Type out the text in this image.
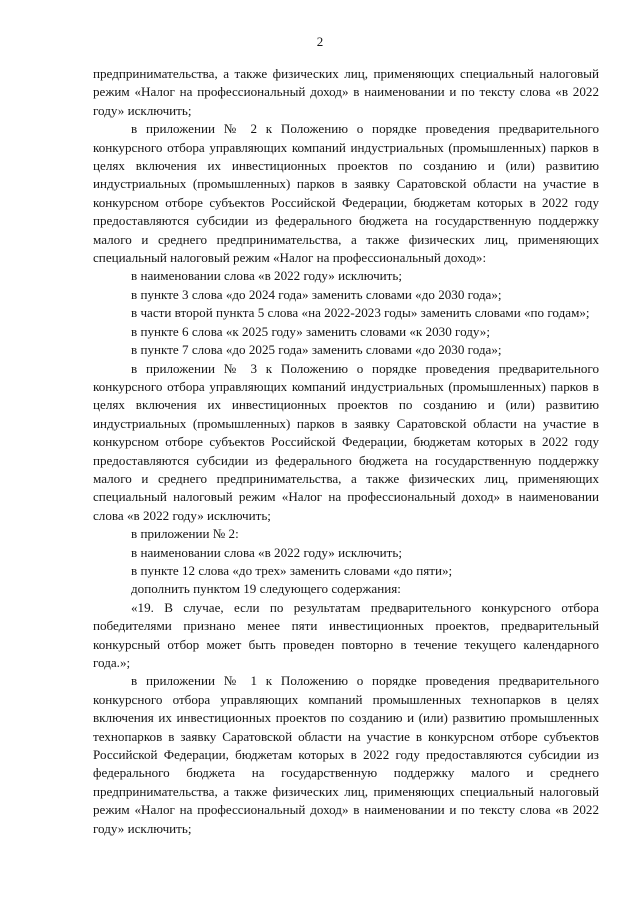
2

предпринимательства, а также физических лиц, применяющих специальный налоговый режим «Налог на профессиональный доход» в наименовании и по тексту слова «в 2022 году» исключить;

в приложении № 2 к Положению о порядке проведения предварительного конкурсного отбора управляющих компаний индустриальных (промышленных) парков в целях включения их инвестиционных проектов по созданию и (или) развитию индустриальных (промышленных) парков в заявку Саратовской области на участие в конкурсном отборе субъектов Российской Федерации, бюджетам которых в 2022 году предоставляются субсидии из федерального бюджета на государственную поддержку малого и среднего предпринимательства, а также физических лиц, применяющих специальный налоговый режим «Налог на профессиональный доход»:

в наименовании слова «в 2022 году» исключить;

в пункте 3 слова «до 2024 года» заменить словами «до 2030 года»;

в части второй пункта 5 слова «на 2022-2023 годы» заменить словами «по годам»;

в пункте 6 слова «к 2025 году» заменить словами «к 2030 году»;

в пункте 7 слова «до 2025 года» заменить словами «до 2030 года»;

в приложении № 3 к Положению о порядке проведения предварительного конкурсного отбора управляющих компаний индустриальных (промышленных) парков в целях включения их инвестиционных проектов по созданию и (или) развитию индустриальных (промышленных) парков в заявку Саратовской области на участие в конкурсном отборе субъектов Российской Федерации, бюджетам которых в 2022 году предоставляются субсидии из федерального бюджета на государственную поддержку малого и среднего предпринимательства, а также физических лиц, применяющих специальный налоговый режим «Налог на профессиональный доход» в наименовании слова «в 2022 году» исключить;

в приложении № 2:

в наименовании слова «в 2022 году» исключить;

в пункте 12 слова «до трех» заменить словами «до пяти»;

дополнить пунктом 19 следующего содержания:

«19. В случае, если по результатам предварительного конкурсного отбора победителями признано менее пяти инвестиционных проектов, предварительный конкурсный отбор может быть проведен повторно в течение текущего календарного года.»;

в приложении № 1 к Положению о порядке проведения предварительного конкурсного отбора управляющих компаний промышленных технопарков в целях включения их инвестиционных проектов по созданию и (или) развитию промышленных технопарков в заявку Саратовской области на участие в конкурсном отборе субъектов Российской Федерации, бюджетам которых в 2022 году предоставляются субсидии из федерального бюджета на государственную поддержку малого и среднего предпринимательства, а также физических лиц, применяющих специальный налоговый режим «Налог на профессиональный доход» в наименовании и по тексту слова «в 2022 году» исключить;
